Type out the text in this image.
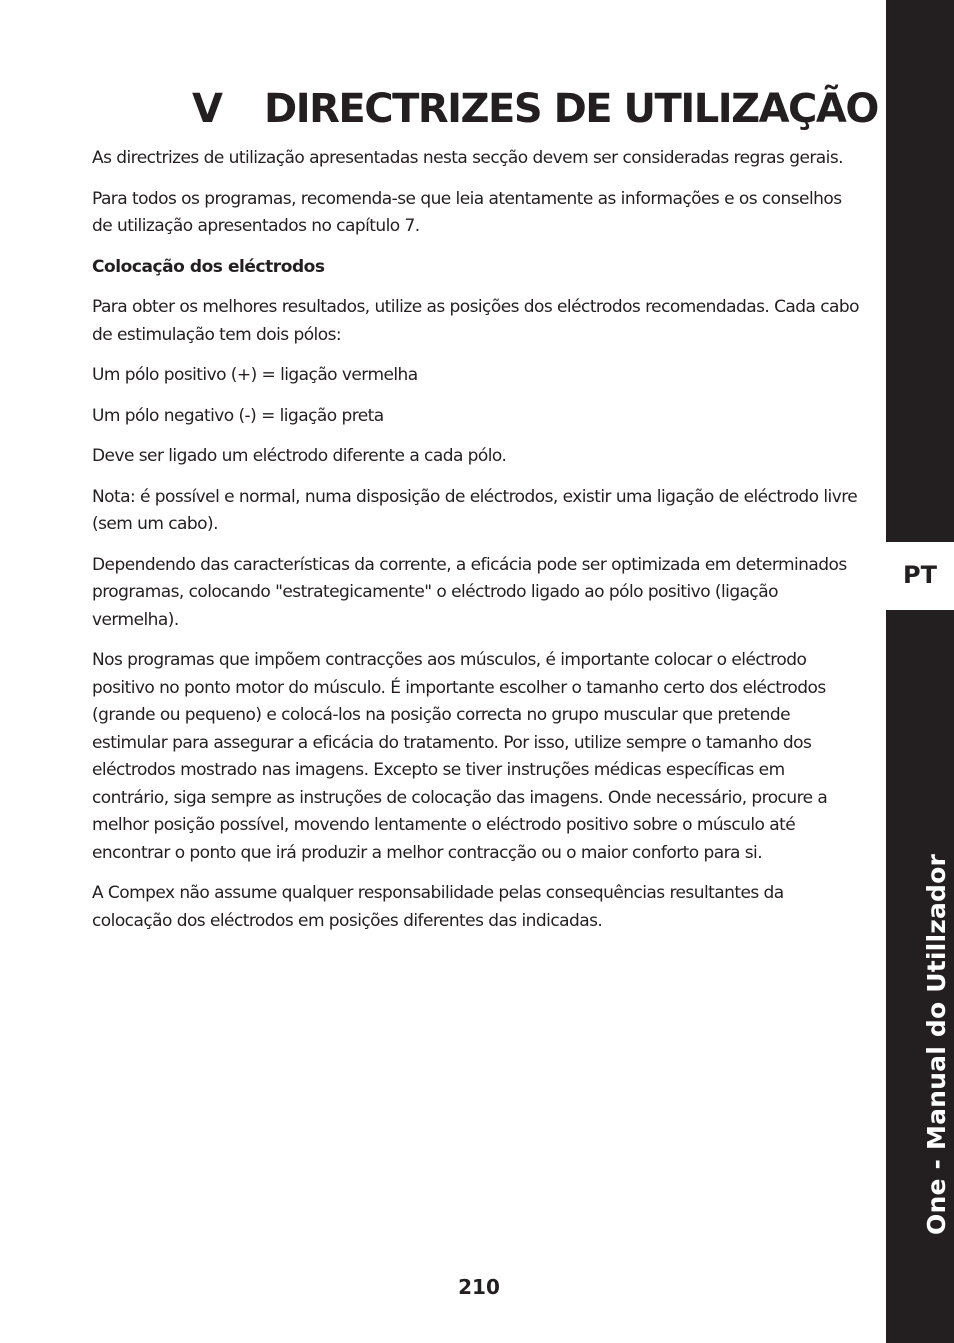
V DIRECTRIZES DE UTILIZAÇÃO

As directrizes de utilização apresentadas nesta secção devem ser consideradas regras gerais.

Para todos os programas, recomenda-se que leia atentamente as informações e os conselhos de utilização apresentados no capítulo 7.

Colocação dos eléctrodos

Para obter os melhores resultados, utilize as posições dos eléctrodos recomendadas. Cada cabo de estimulação tem dois pólos:

Um pólo positivo (+) = ligação vermelha

Um pólo negativo (-) = ligação preta

Deve ser ligado um eléctrodo diferente a cada pólo.

Nota: é possível e normal, numa disposição de eléctrodos, existir uma ligação de eléctrodo livre (sem um cabo).

Dependendo das características da corrente, a eficácia pode ser optimizada em determinados programas, colocando "estrategicamente" o eléctrodo ligado ao pólo positivo (ligação vermelha).

Nos programas que impõem contracções aos músculos, é importante colocar o eléctrodo positivo no ponto motor do músculo. É importante escolher o tamanho certo dos eléctrodos (grande ou pequeno) e colocá-los na posição correcta no grupo muscular que pretende estimular para assegurar a eficácia do tratamento. Por isso, utilize sempre o tamanho dos eléctrodos mostrado nas imagens. Excepto se tiver instruções médicas específicas em contrário, siga sempre as instruções de colocação das imagens. Onde necessário, procure a melhor posição possível, movendo lentamente o eléctrodo positivo sobre o músculo até encontrar o ponto que irá produzir a melhor contracção ou o maior conforto para si.

A Compex não assume qualquer responsabilidade pelas consequências resultantes da colocação dos eléctrodos em posições diferentes das indicadas.

PT
One - Manual do Utillzador
210
